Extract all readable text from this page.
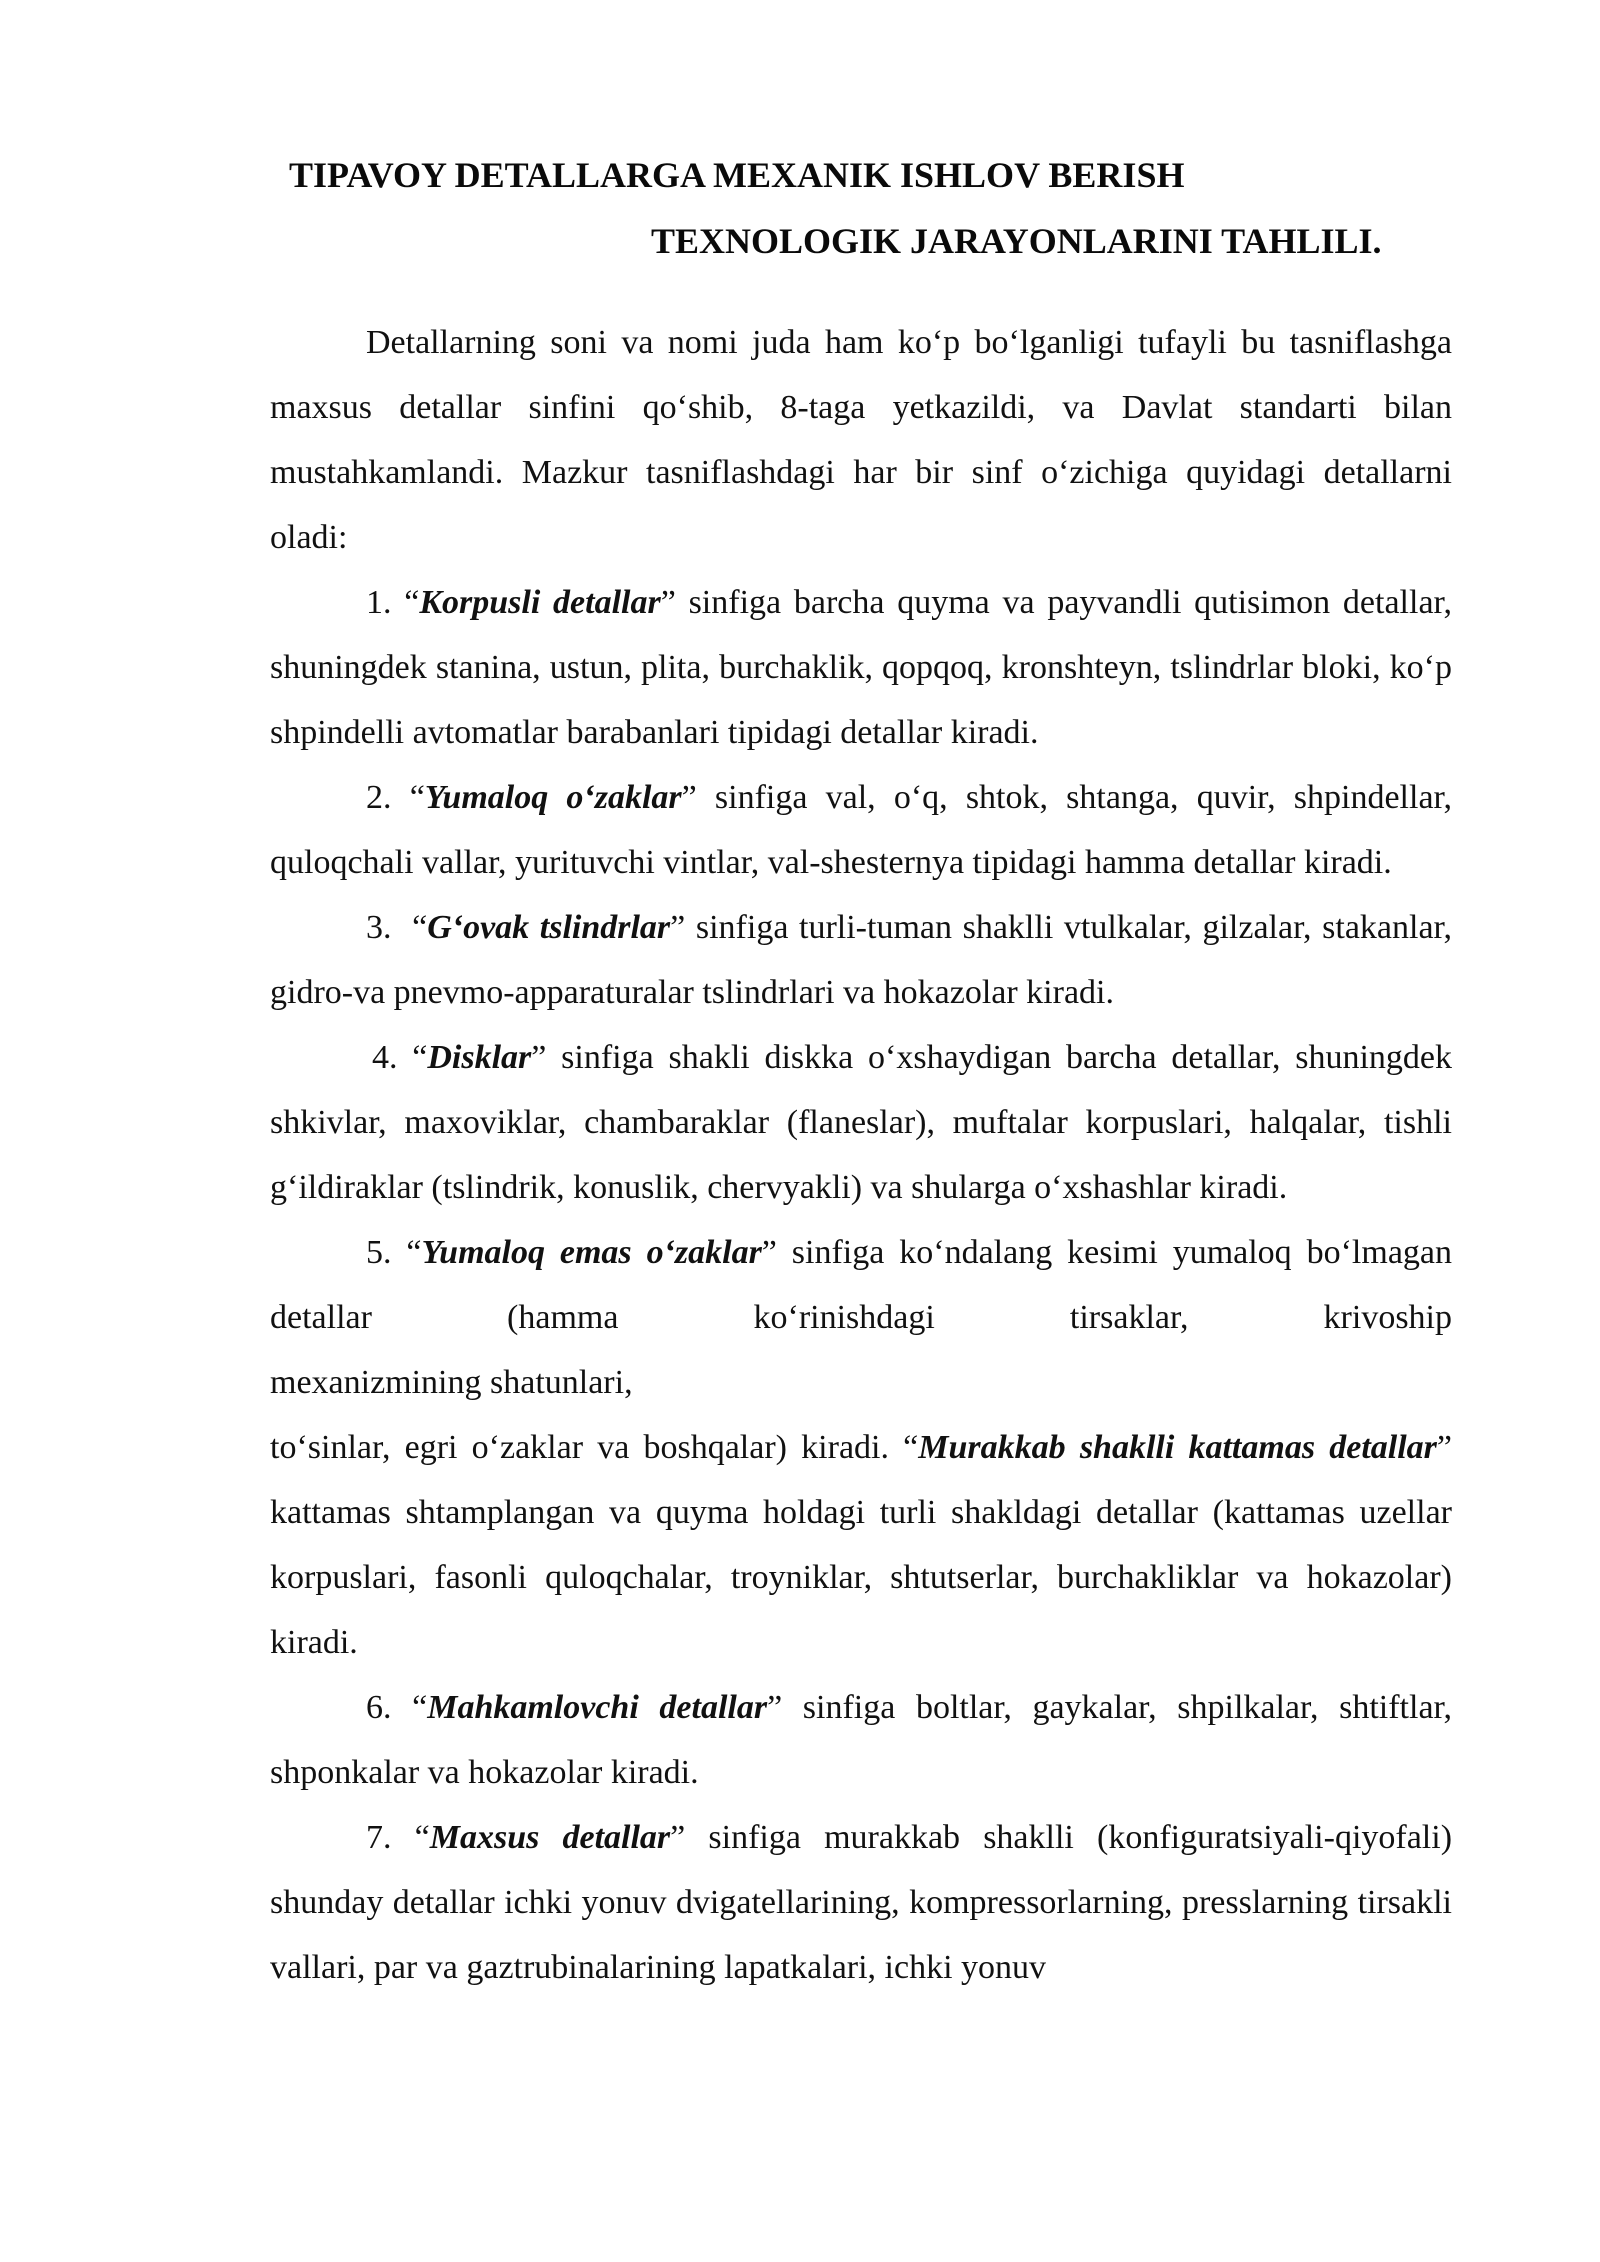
TIPAVOY DETALLARGA MEXANIK ISHLOV BERISH
TEXNOLOGIK JARAYONLARINI TAHLILI.

Detallarning soni va nomi juda ham ko‘p bo‘lganligi tufayli bu tasniflashga maxsus detallar sinfini qo‘shib, 8-taga yetkazildi, va Davlat standarti bilan mustahkamlandi. Mazkur tasniflashdagi har bir sinf o‘zichiga quyidagi detallarni oladi:

1. “Korpusli detallar” sinfiga barcha quyma va payvandli qutisimon detallar, shuningdek stanina, ustun, plita, burchaklik, qopqoq, kronshteyn, tslindrlar bloki, ko‘p shpindelli avtomatlar barabanlari tipidagi detallar kiradi.

2. “Yumaloq o‘zaklar” sinfiga val, o‘q, shtok, shtanga, quvir, shpindellar, quloqchali vallar, yurituvchi vintlar, val-shesternya tipidagi hamma detallar kiradi.

3. “G‘ovak tslindrlar” sinfiga turli-tuman shaklli vtulkalar, gilzalar, stakanlar, gidro-va pnevmo-apparaturalar tslindrlari va hokazolar kiradi.

4. “Disklar” sinfiga shakli diskka o‘xshaydigan barcha detallar, shuningdek shkivlar, maxoviklar, chambaraklar (flaneslar), muftalar korpuslari, halqalar, tishli g‘ildiraklar (tslindrik, konuslik, chervyakli) va shularga o‘xshashlar kiradi.

5. “Yumaloq emas o‘zaklar” sinfiga ko‘ndalang kesimi yumaloq bo‘lmagan detallar (hamma ko‘rinishdagi tirsaklar, krivoship

mexanizmining shatunlari,

to‘sinlar, egri o‘zaklar va boshqalar) kiradi. “Murakkab shaklli kattamas detallar” kattamas shtamplangan va quyma holdagi turli shakldagi detallar (kattamas uzellar korpuslari, fasonli quloqchalar, troyniklar, shtutserlar, burchakliklar va hokazolar) kiradi.

6. “Mahkamlovchi detallar” sinfiga boltlar, gaykalar, shpilkalar, shtiftlar, shponkalar va hokazolar kiradi.

7. “Maxsus detallar” sinfiga murakkab shaklli (konfiguratsiyali-qiyofali) shunday detallar ichki yonuv dvigatellarining, kompressorlarning, presslarning tirsakli vallari, par va gaztrubinalarining lapatkalari, ichki yonuv
